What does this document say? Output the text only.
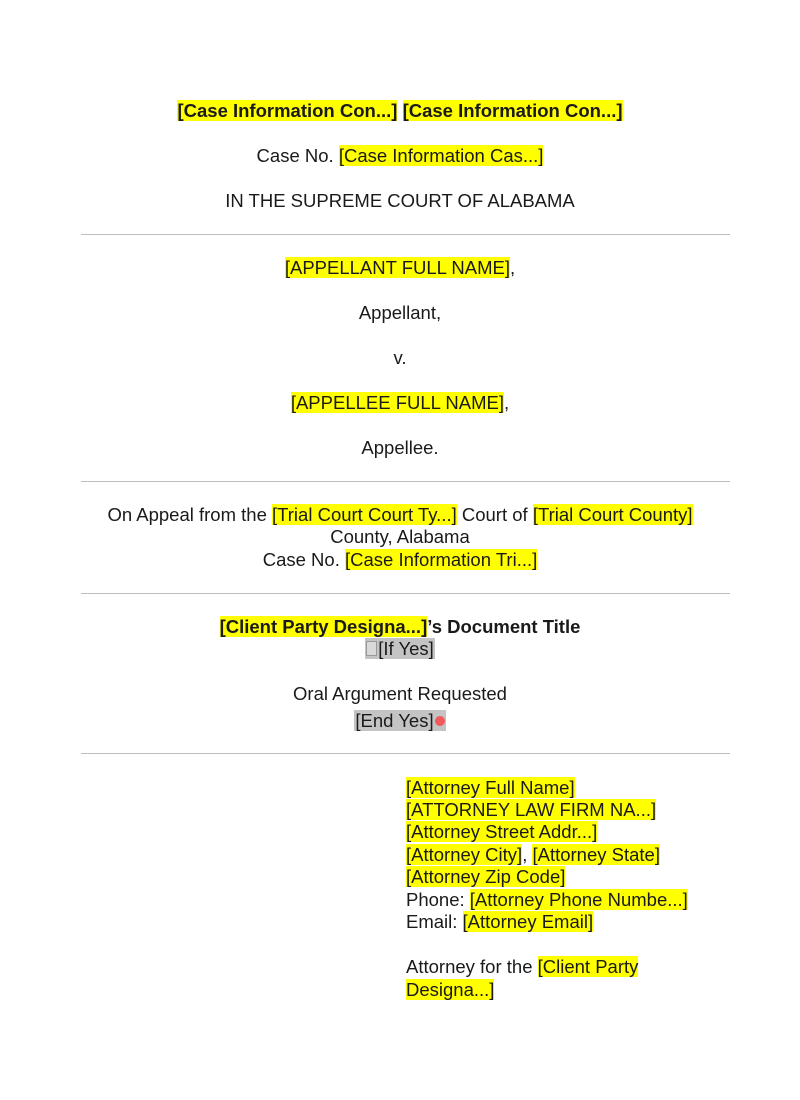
[Case Information Con...] [Case Information Con...]
Case No. [Case Information Cas...]
IN THE SUPREME COURT OF ALABAMA
[APPELLANT FULL NAME],
Appellant,
v.
[APPELLEE FULL NAME],
Appellee.
On Appeal from the [Trial Court Court Ty...] Court of [Trial Court County]
County, Alabama
Case No. [Case Information Tri...]
[Client Party Designa...]’s Document Title
[If Yes]
Oral Argument Requested
[End Yes]
[Attorney Full Name]
[ATTORNEY LAW FIRM NA...]
[Attorney Street Addr...]
[Attorney City], [Attorney State]
[Attorney Zip Code]
Phone: [Attorney Phone Numbe...]
Email: [Attorney Email]
Attorney for the [Client Party
Designa...]
